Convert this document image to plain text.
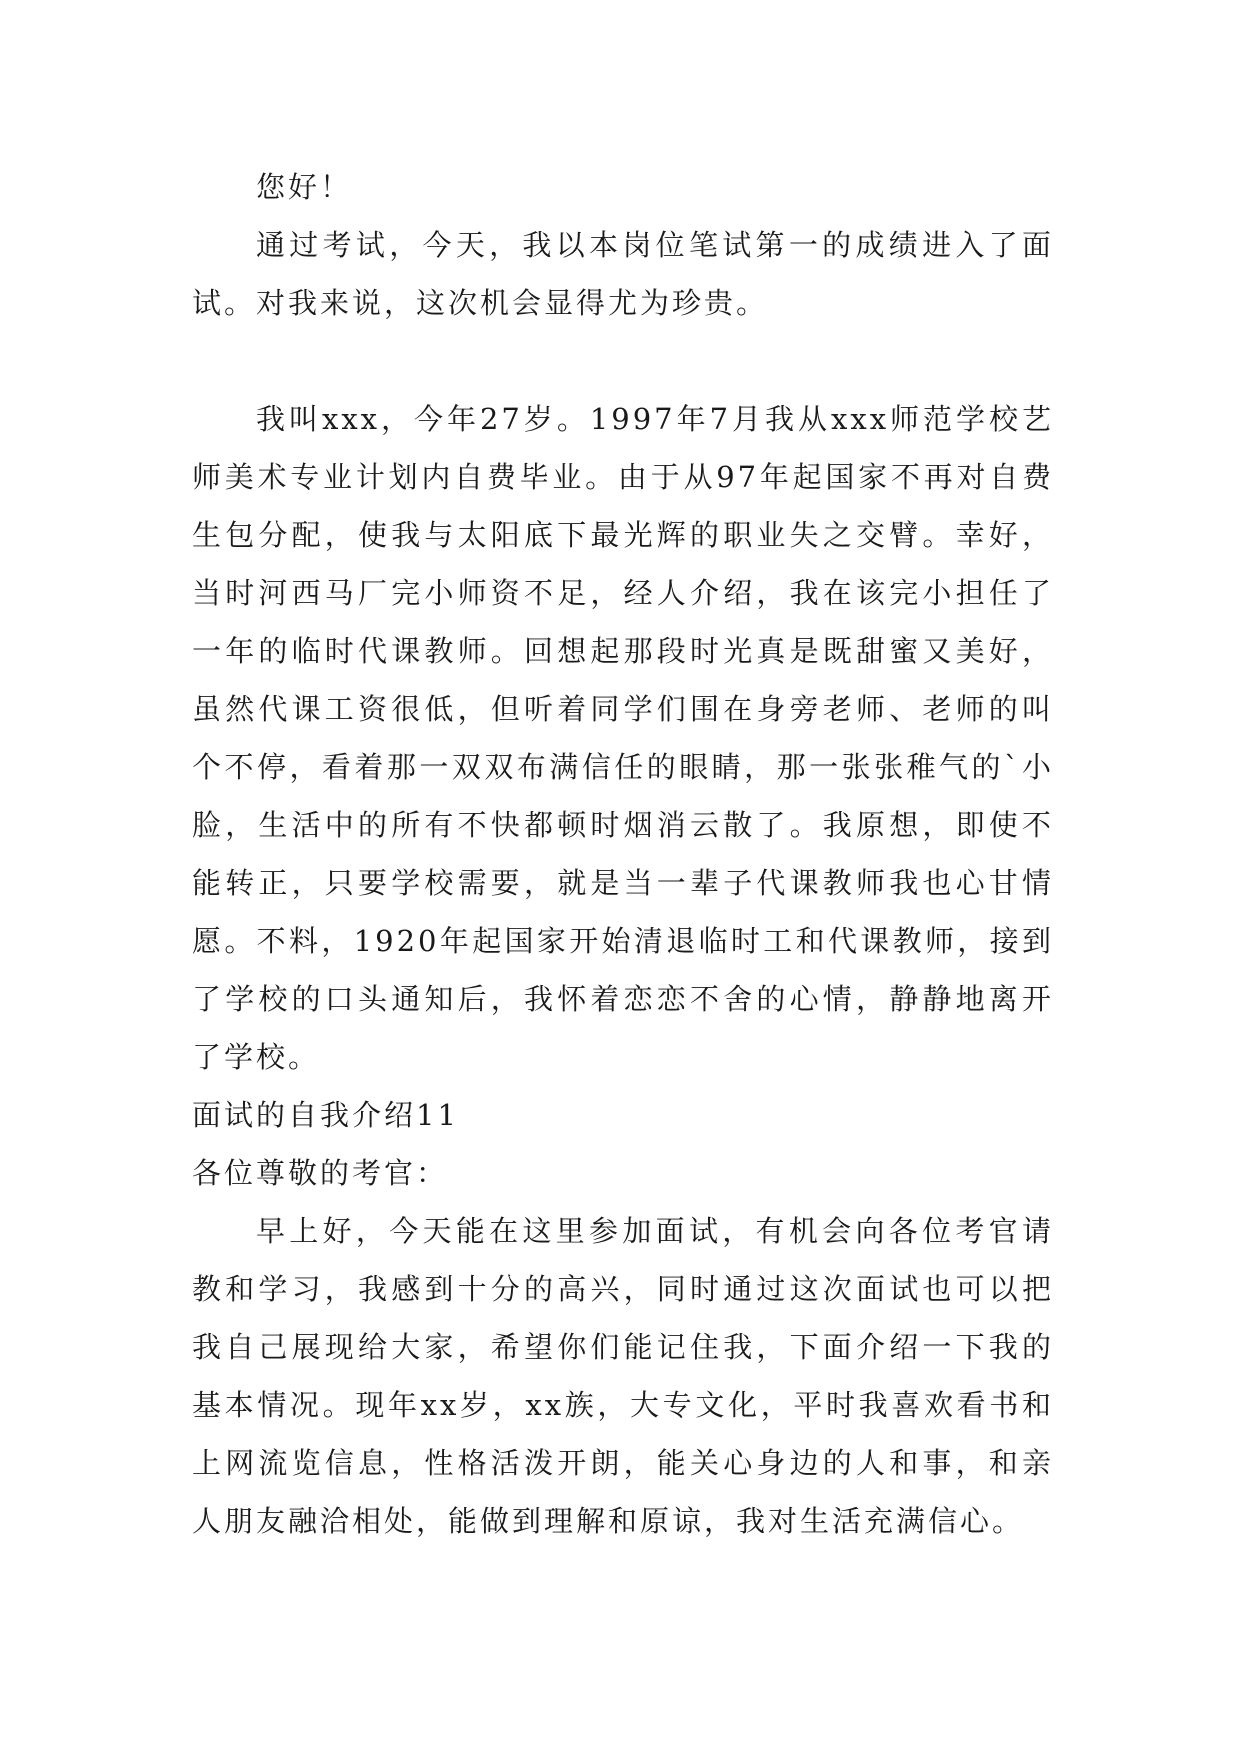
您好！

通过考试，今天，我以本岗位笔试第一的成绩进入了面试。对我来说，这次机会显得尤为珍贵。

我叫xxx，今年27岁。1997年7月我从xxx师范学校艺师美术专业计划内自费毕业。由于从97年起国家不再对自费生包分配，使我与太阳底下最光辉的职业失之交臂。幸好，当时河西马厂完小师资不足，经人介绍，我在该完小担任了一年的临时代课教师。回想起那段时光真是既甜蜜又美好，虽然代课工资很低，但听着同学们围在身旁老师、老师的叫个不停，看着那一双双布满信任的眼睛，那一张张稚气的`小脸，生活中的所有不快都顿时烟消云散了。我原想，即使不能转正，只要学校需要，就是当一辈子代课教师我也心甘情愿。不料，1920年起国家开始清退临时工和代课教师，接到了学校的口头通知后，我怀着恋恋不舍的心情，静静地离开了学校。

面试的自我介绍11

各位尊敬的考官：

早上好，今天能在这里参加面试，有机会向各位考官请教和学习，我感到十分的高兴，同时通过这次面试也可以把我自己展现给大家，希望你们能记住我，下面介绍一下我的基本情况。现年xx岁，xx族，大专文化，平时我喜欢看书和上网流览信息，性格活泼开朗，能关心身边的人和事，和亲人朋友融洽相处，能做到理解和原谅，我对生活充满信心。
